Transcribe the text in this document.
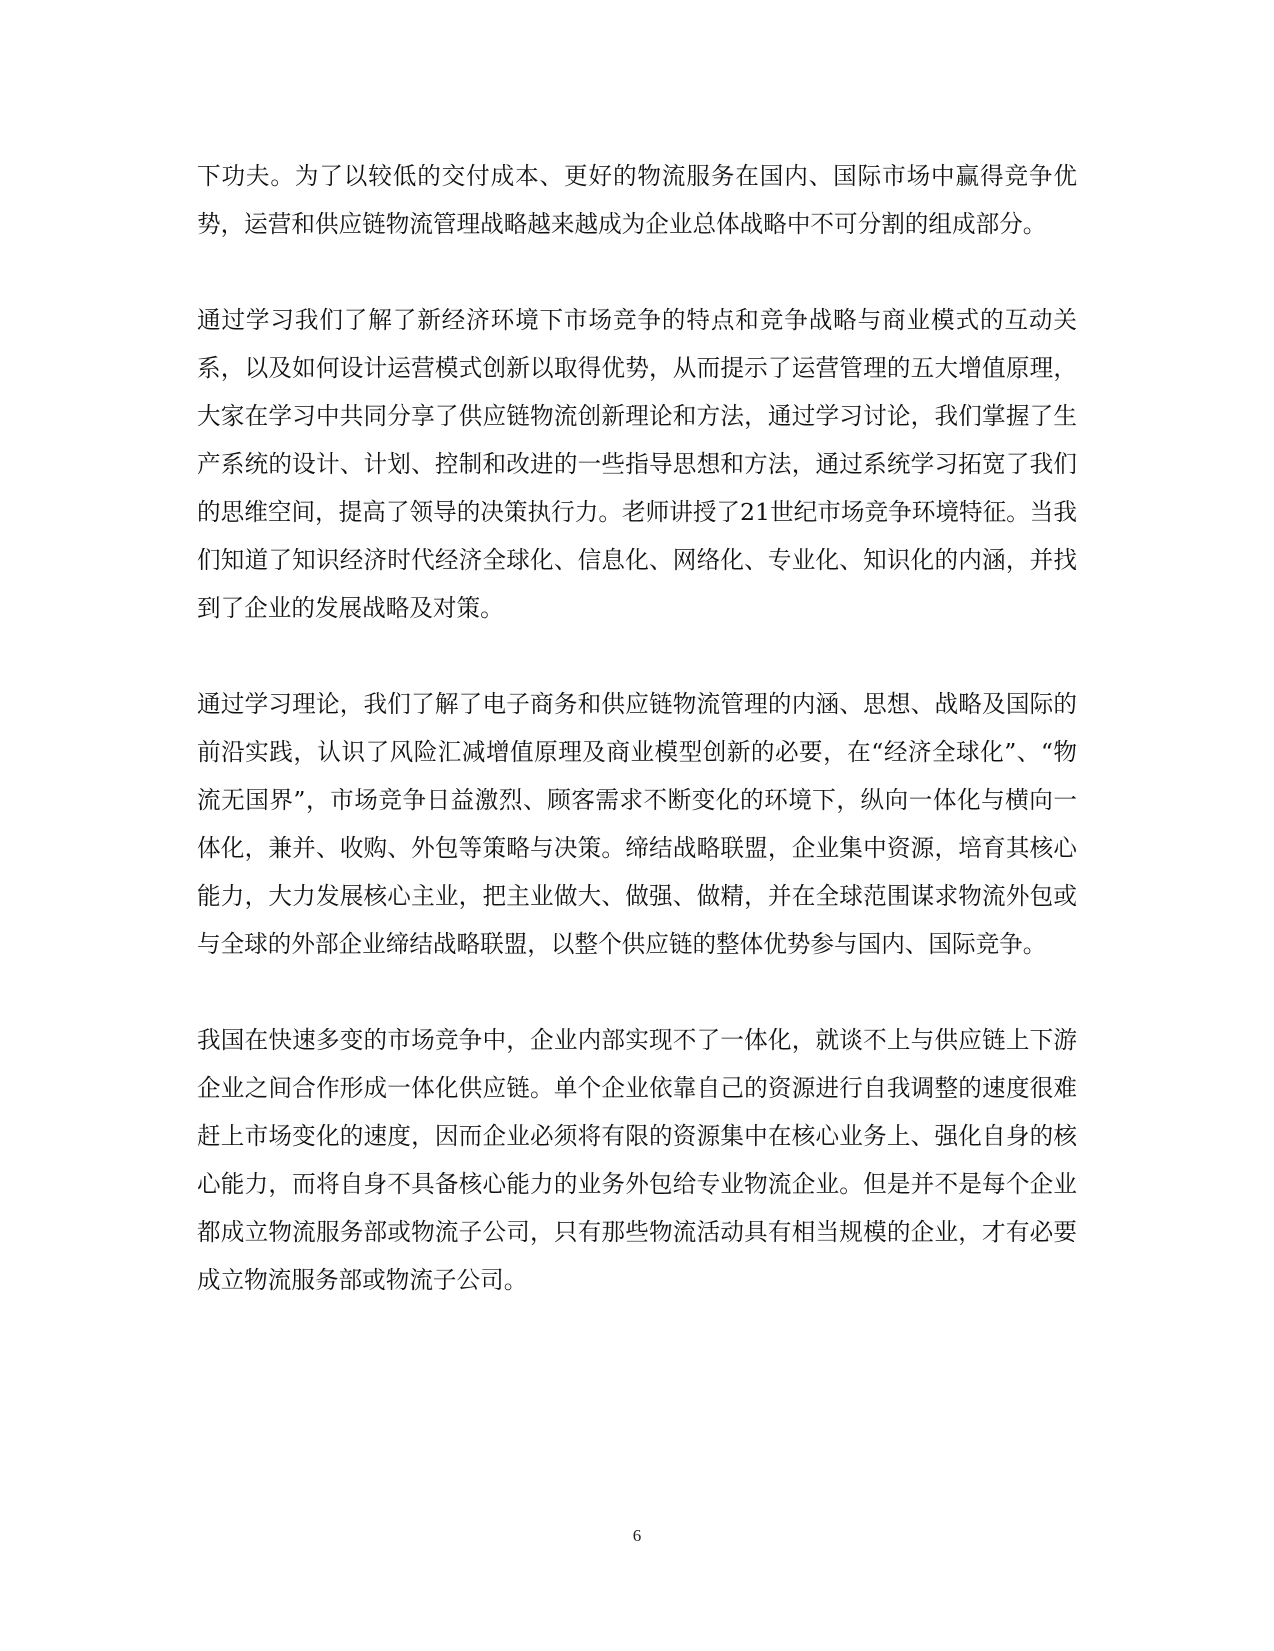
下功夫。为了以较低的交付成本、更好的物流服务在国内、国际市场中赢得竞争优势，运营和供应链物流管理战略越来越成为企业总体战略中不可分割的组成部分。

通过学习我们了解了新经济环境下市场竞争的特点和竞争战略与商业模式的互动关系，以及如何设计运营模式创新以取得优势，从而提示了运营管理的五大增值原理，大家在学习中共同分享了供应链物流创新理论和方法，通过学习讨论，我们掌握了生产系统的设计、计划、控制和改进的一些指导思想和方法，通过系统学习拓宽了我们的思维空间，提高了领导的决策执行力。老师讲授了21世纪市场竞争环境特征。当我们知道了知识经济时代经济全球化、信息化、网络化、专业化、知识化的内涵，并找到了企业的发展战略及对策。

通过学习理论，我们了解了电子商务和供应链物流管理的内涵、思想、战略及国际的前沿实践，认识了风险汇减增值原理及商业模型创新的必要，在“经济全球化”、“物流无国界”，市场竞争日益激烈、顾客需求不断变化的环境下，纵向一体化与横向一体化，兼并、收购、外包等策略与决策。缔结战略联盟，企业集中资源，培育其核心能力，大力发展核心主业，把主业做大、做强、做精，并在全球范围谋求物流外包或与全球的外部企业缔结战略联盟，以整个供应链的整体优势参与国内、国际竞争。

我国在快速多变的市场竞争中，企业内部实现不了一体化，就谈不上与供应链上下游企业之间合作形成一体化供应链。单个企业依靠自己的资源进行自我调整的速度很难赶上市场变化的速度，因而企业必须将有限的资源集中在核心业务上、强化自身的核心能力，而将自身不具备核心能力的业务外包给专业物流企业。但是并不是每个企业都成立物流服务部或物流子公司，只有那些物流活动具有相当规模的企业，才有必要成立物流服务部或物流子公司。

6
